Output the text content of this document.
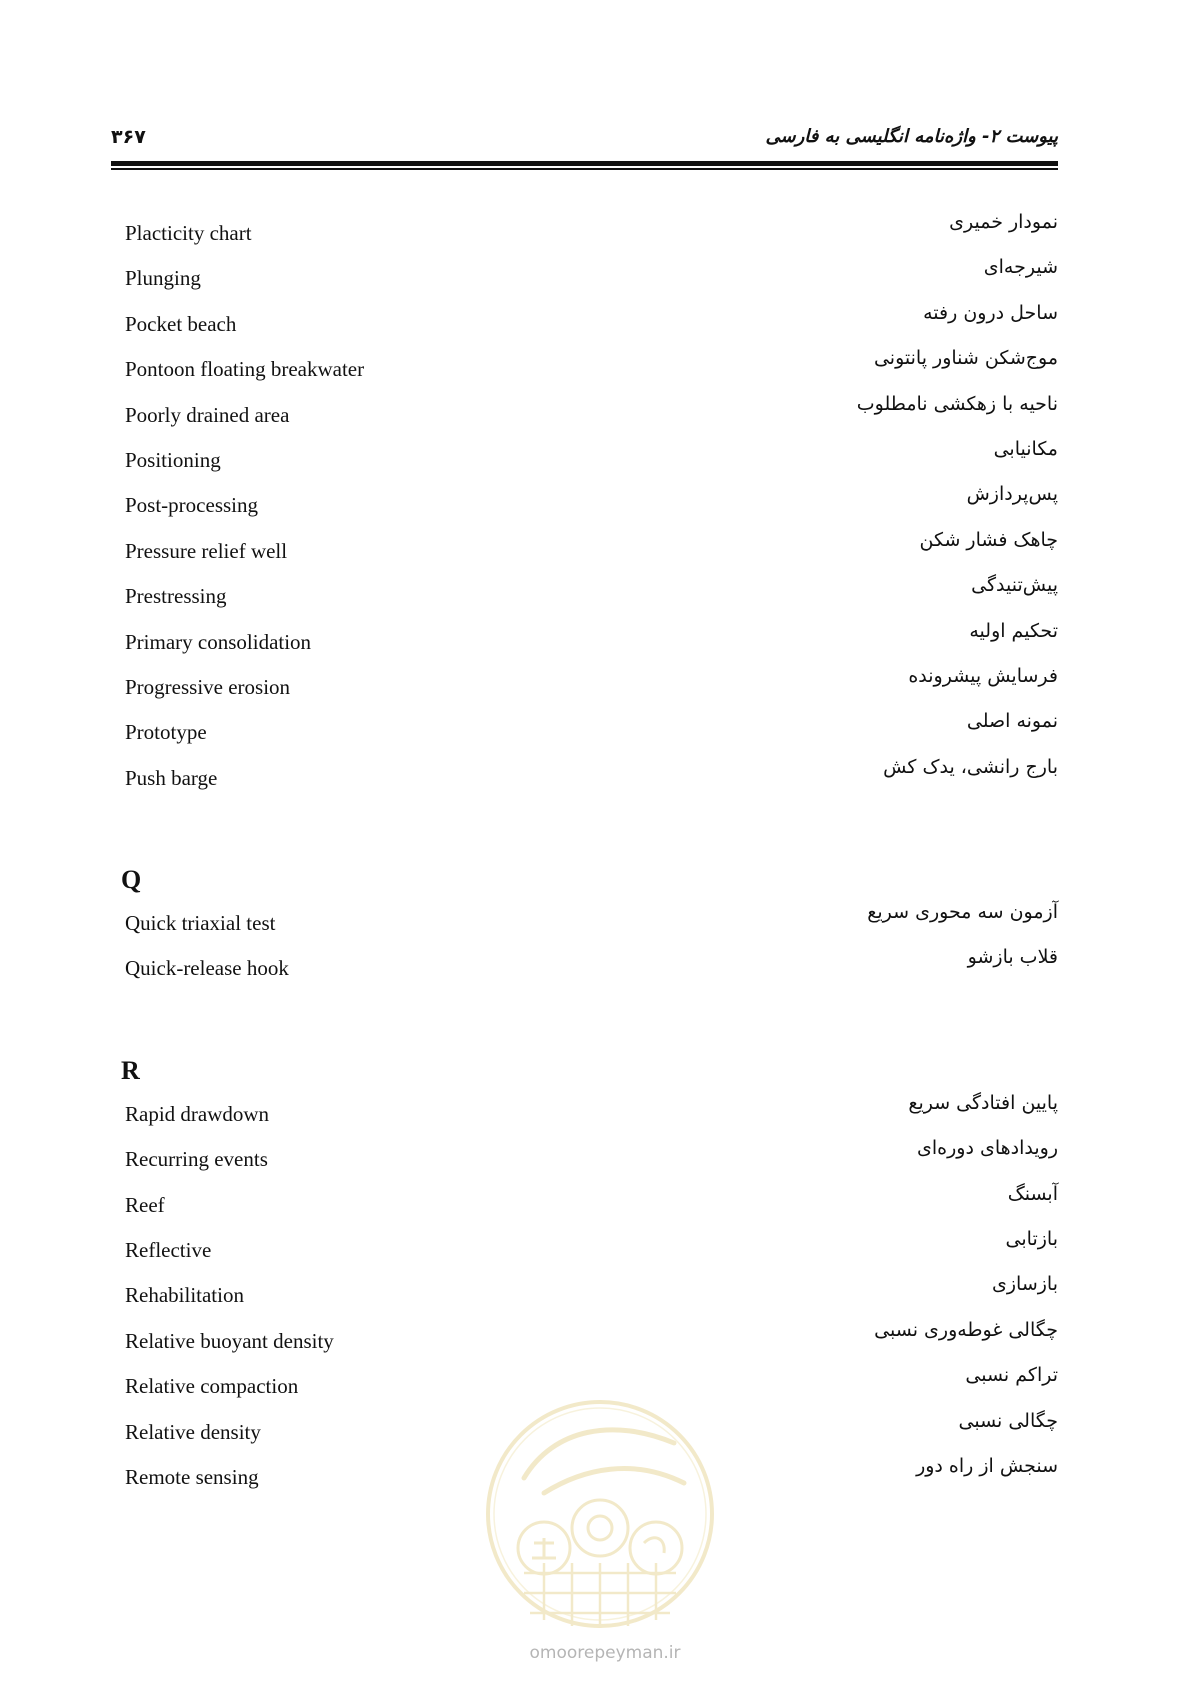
۳۶۷	پیوست ۲- واژه‌نامه انگلیسی به فارسی
Placticity chart	نمودار خمیری
Plunging	شیرجه‌ای
Pocket beach	ساحل درون رفته
Pontoon floating breakwater	موج‌شکن شناور پانتونی
Poorly drained area	ناحیه با زهکشی نامطلوب
Positioning	مکانیابی
Post-processing	پس‌پردازش
Pressure relief well	چاهک فشار شکن
Prestressing	پیش‌تنیدگی
Primary consolidation	تحکیم اولیه
Progressive erosion	فرسایش پیشرونده
Prototype	نمونه اصلی
Push barge	بارج رانشی، یدک کش
Q
Quick triaxial test	آزمون سه محوری سریع
Quick-release hook	قلاب بازشو
R
Rapid drawdown	پایین افتادگی سریع
Recurring events	رویدادهای دوره‌ای
Reef	آبسنگ
Reflective	بازتابی
Rehabilitation	بازسازی
Relative buoyant density	چگالی غوطه‌وری نسبی
Relative compaction	تراکم نسبی
Relative density	چگالی نسبی
Remote sensing	سنجش از راه دور
omoorepeyman.ir
